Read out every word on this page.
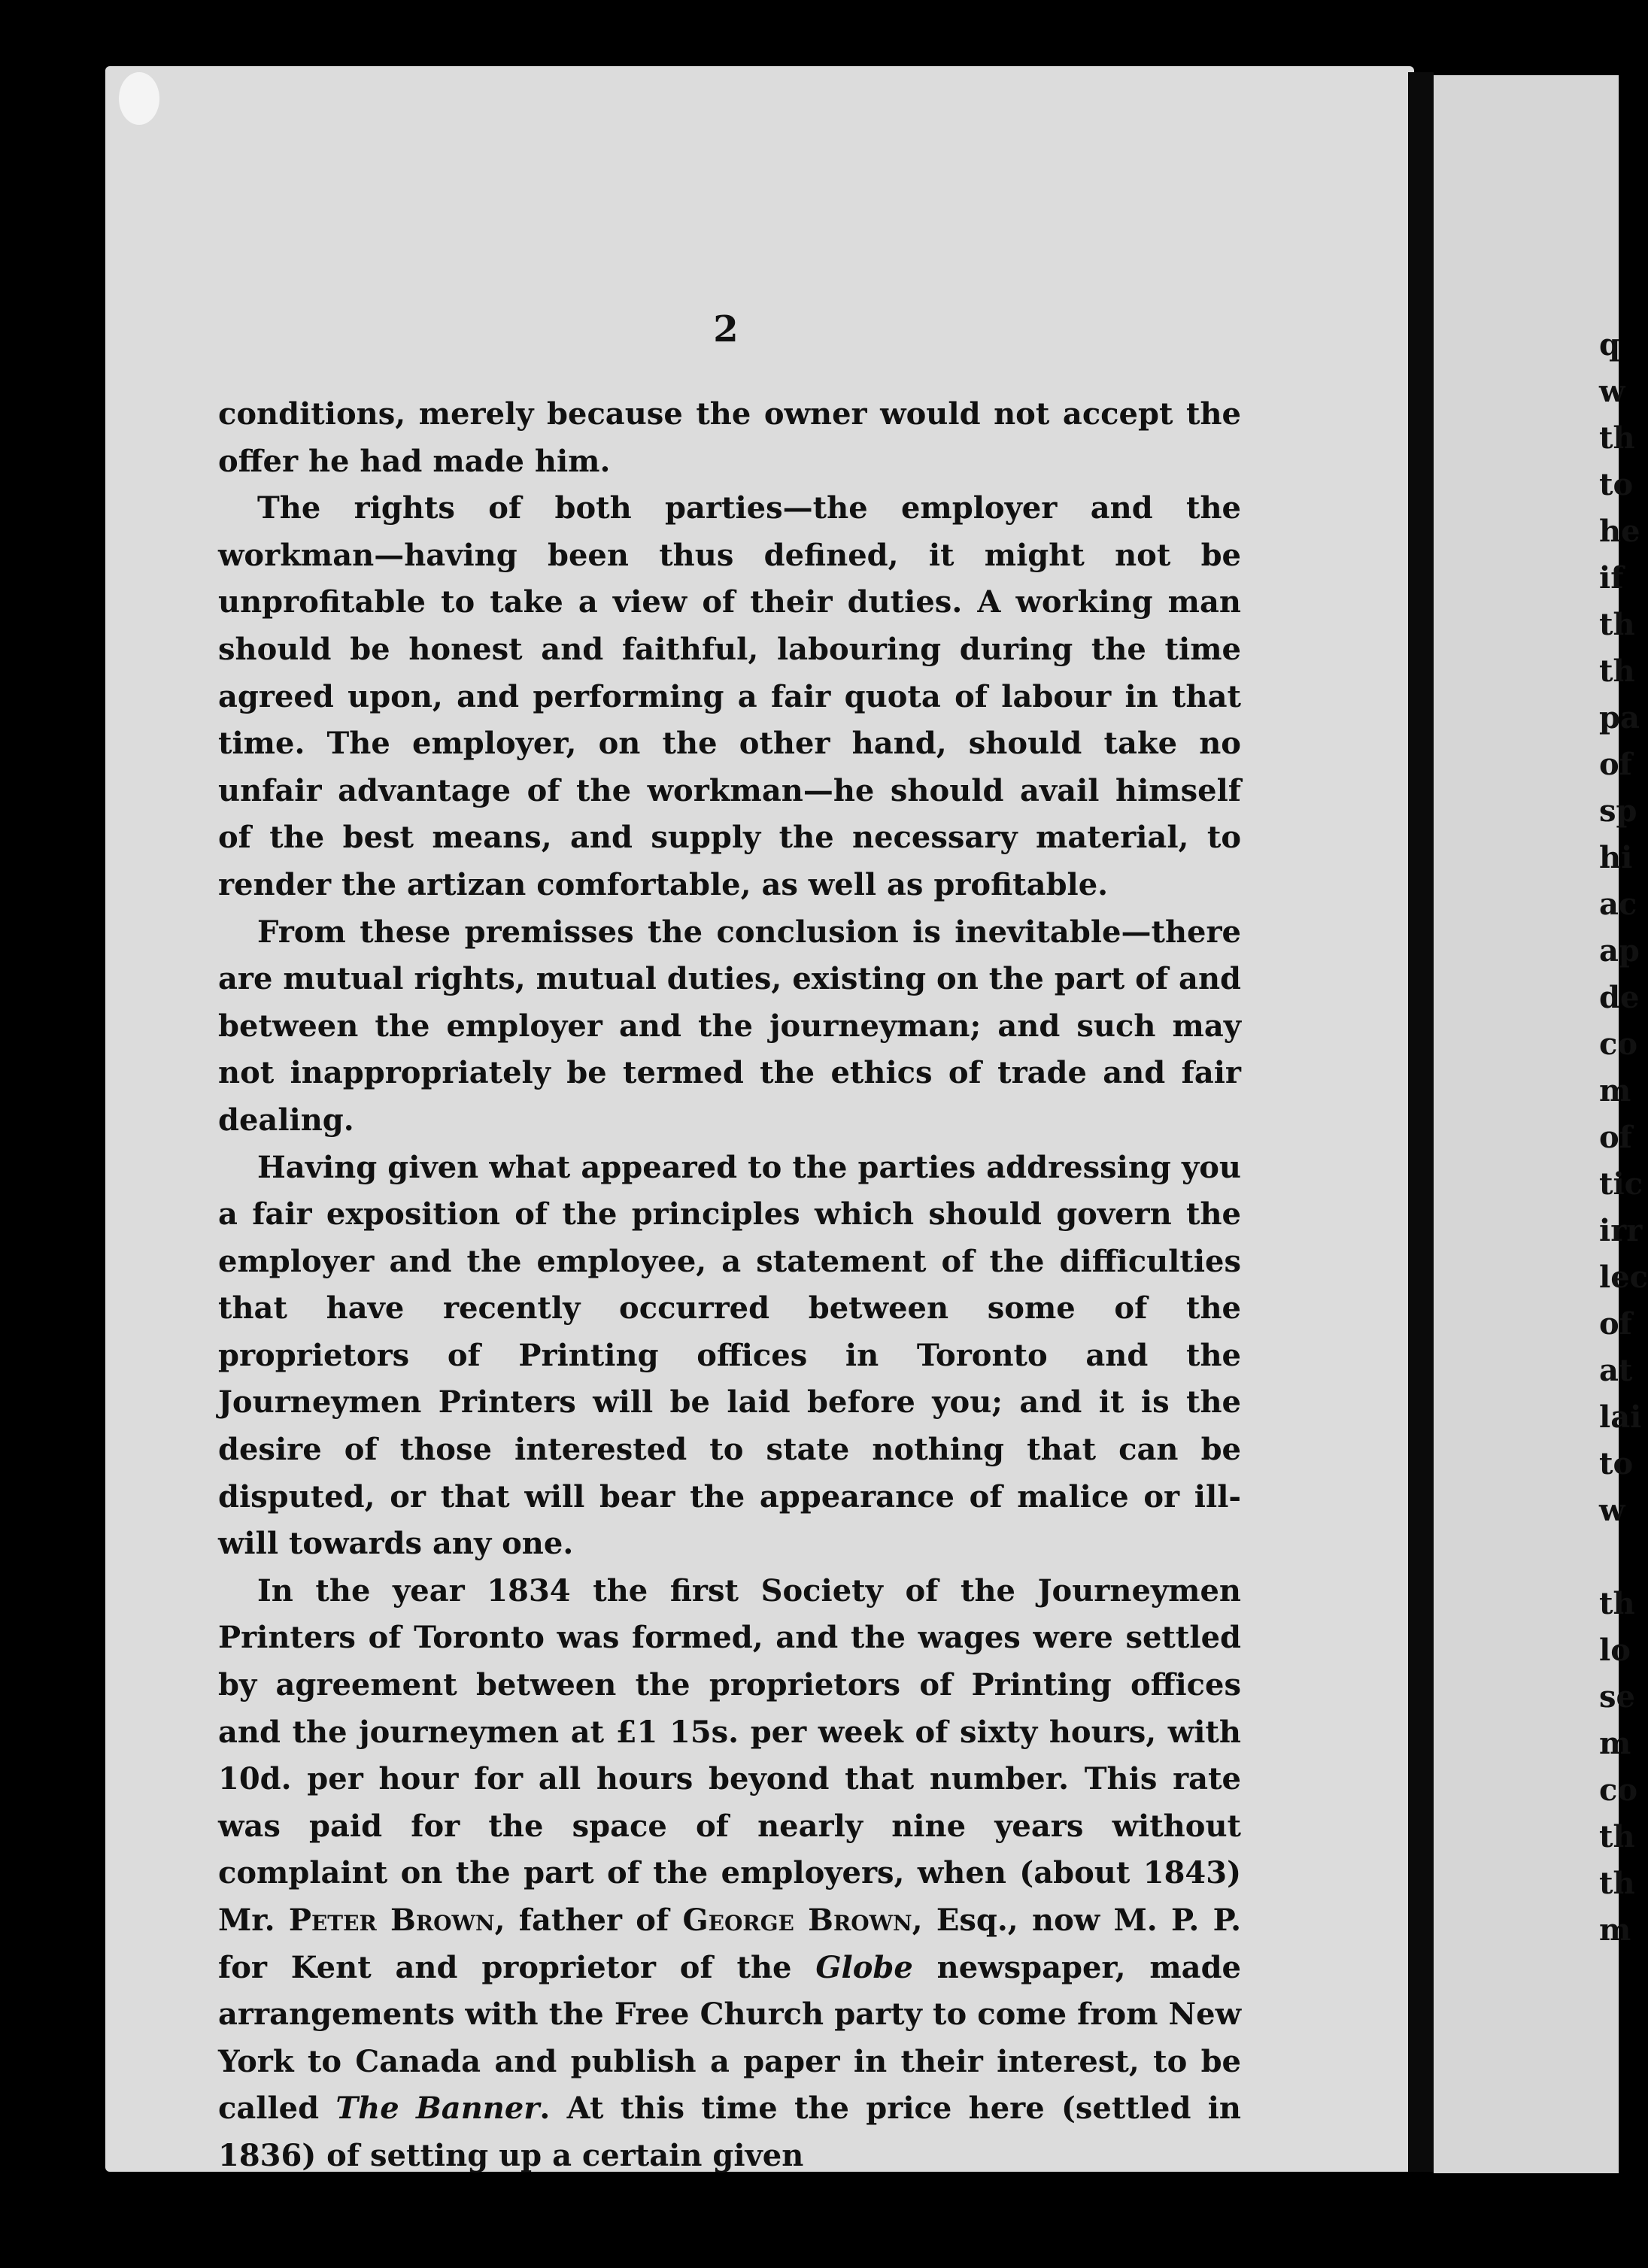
2

conditions, merely because the owner would not accept the offer he had made him.

The rights of both parties—the employer and the workman—having been thus defined, it might not be unprofitable to take a view of their duties. A working man should be honest and faithful, labouring during the time agreed upon, and performing a fair quota of labour in that time. The employer, on the other hand, should take no unfair advantage of the workman—he should avail himself of the best means, and supply the necessary material, to render the artizan comfortable, as well as profitable.

From these premisses the conclusion is inevitable—there are mutual rights, mutual duties, existing on the part of and between the employer and the journeyman; and such may not inappropriately be termed the ethics of trade and fair dealing.

Having given what appeared to the parties addressing you a fair exposition of the principles which should govern the employer and the employee, a statement of the difficulties that have recently occurred between some of the proprietors of Printing offices in Toronto and the Journeymen Printers will be laid before you; and it is the desire of those interested to state nothing that can be disputed, or that will bear the appearance of malice or ill-will towards any one.

In the year 1834 the first Society of the Journeymen Printers of Toronto was formed, and the wages were settled by agreement between the proprietors of Printing offices and the journeymen at £1 15s. per week of sixty hours, with 10d. per hour for all hours beyond that number. This rate was paid for the space of nearly nine years without complaint on the part of the employers, when (about 1843) Mr. Peter Brown, father of George Brown, Esq., now M. P. P. for Kent and proprietor of the Globe newspaper, made arrangements with the Free Church party to come from New York to Canada and publish a paper in their interest, to be called The Banner. At this time the price here (settled in 1836) of setting up a certain given

q
w
th
to
he
if
th
th
pa
of
sp
hi
ac
ap
de
co
m
of
tic
irr
lec
of
at
lai
to
w
th
lo
se
m
co
th
th
m
